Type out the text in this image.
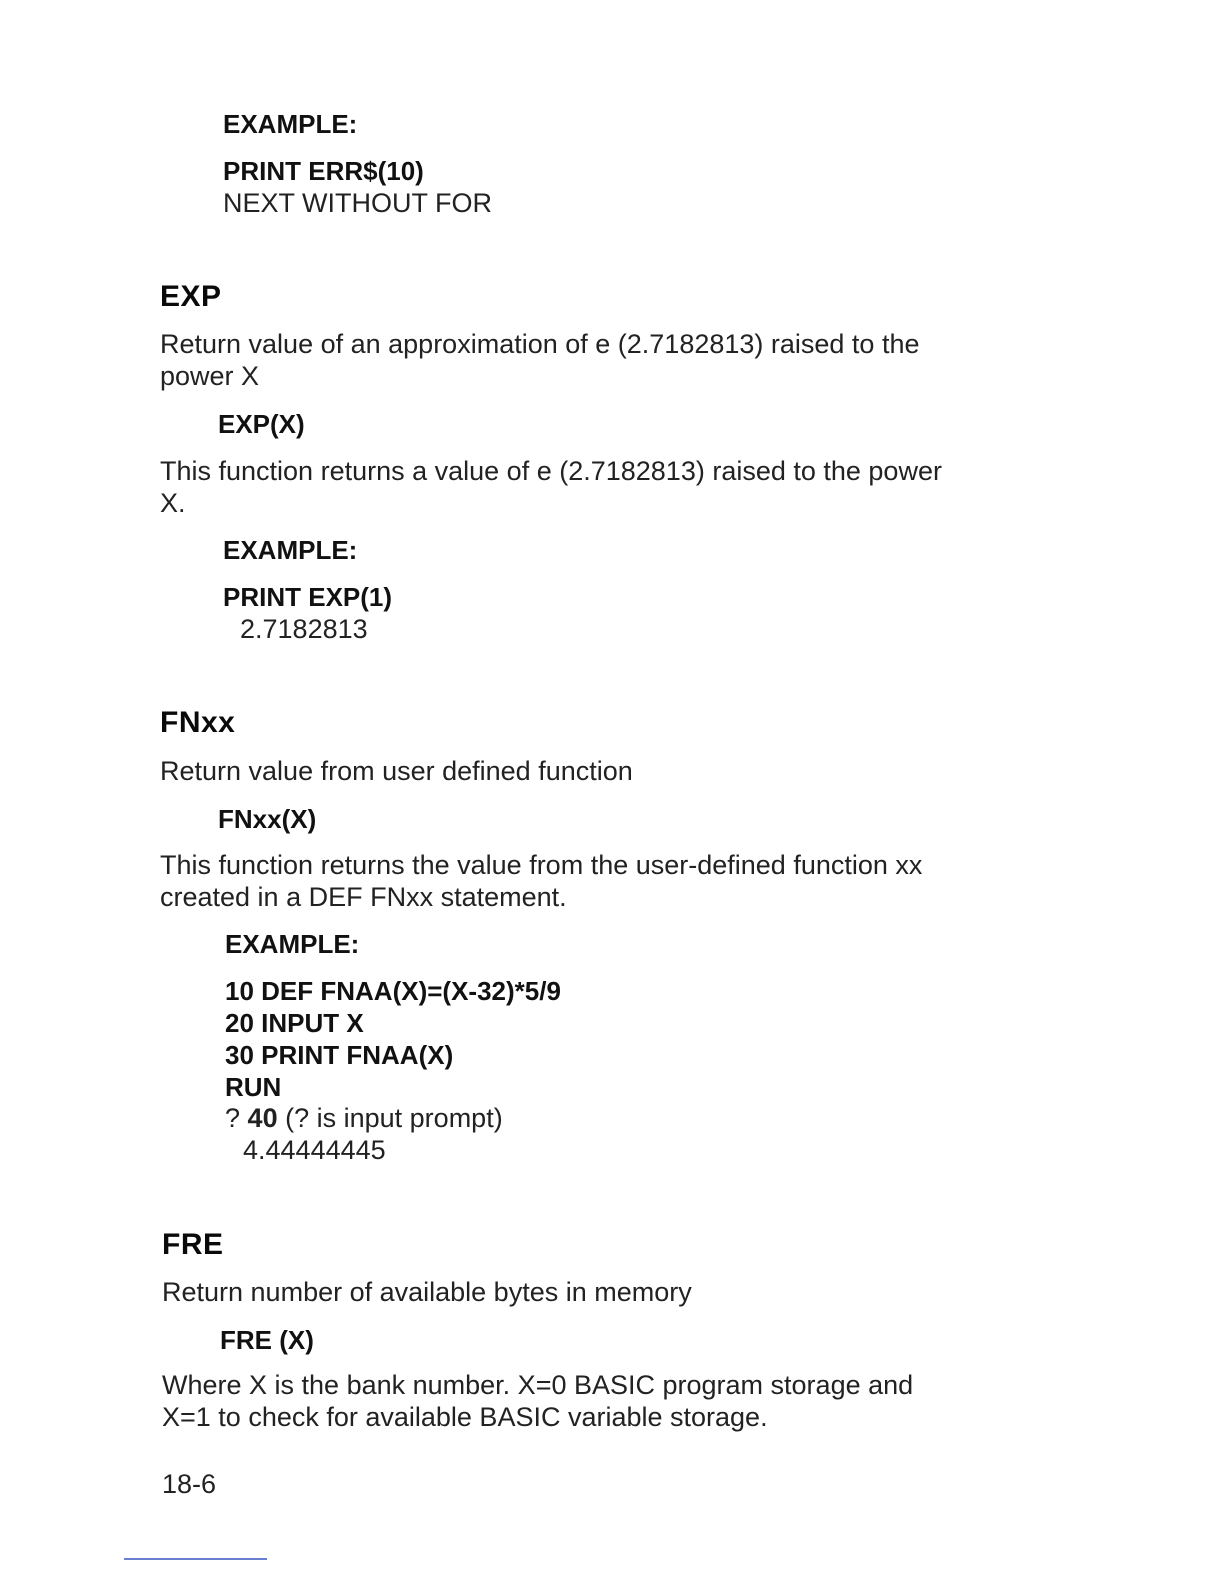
EXAMPLE:
PRINT ERR$(10)
NEXT WITHOUT FOR
EXP
Return value of an approximation of e (2.7182813) raised to the
power X
EXP(X)
This function returns a value of e (2.7182813) raised to the power
X.
EXAMPLE:
PRINT EXP(1)
2.7182813
FNxx
Return value from user defined function
FNxx(X)
This function returns the value from the user-defined function xx
created in a DEF FNxx statement.
EXAMPLE:
10 DEF FNAA(X)=(X-32)*5/9
20 INPUT X
30 PRINT FNAA(X)
RUN
? 40 (? is input prompt)
4.44444445
FRE
Return number of available bytes in memory
FRE (X)
Where X is the bank number. X=0 BASIC program storage and
X=1 to check for available BASIC variable storage.
18-6
